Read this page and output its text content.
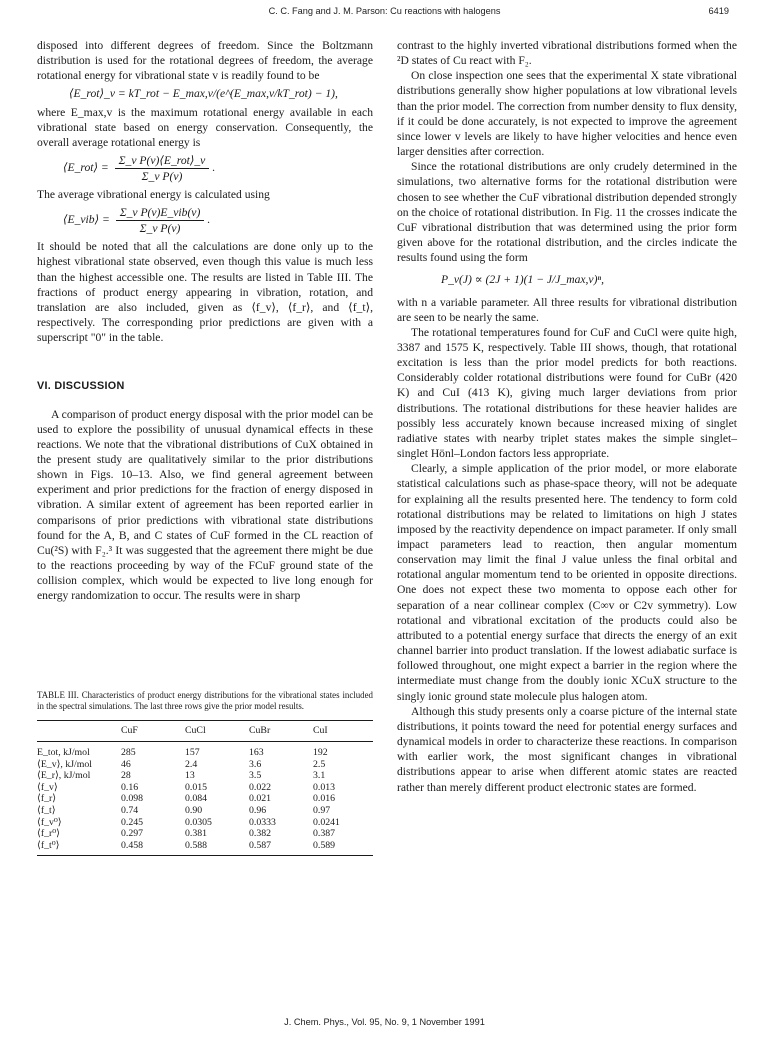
C. C. Fang and J. M. Parson: Cu reactions with halogens	6419

disposed into different degrees of freedom. Since the Boltzmann distribution is used for the rotational degrees of freedom, the average rotational energy for vibrational state v is readily found to be

⟨E_rot⟩_v = kT_rot − E_max,v/(e^(E_max,v/kT_rot) − 1),

where E_max,v is the maximum rotational energy available in each vibrational state based on energy conservation. Consequently, the overall average rotational energy is

⟨E_rot⟩ = $\frac{\text{Σ\_v P(v)⟨E\_rot⟩\_v}}{\text{Σ\_v P(v)}}$ .

The average vibrational energy is calculated using

⟨E_vib⟩ = $\frac{\text{Σ\_v P(v)E\_vib(v)}}{\text{Σ\_v P(v)}}$ .

It should be noted that all the calculations are done only up to the highest vibrational state observed, even though this value is much less than the highest accessible one. The results are listed in Table III. The fractions of product energy appearing in vibration, rotation, and translation are also included, given as ⟨f_v⟩, ⟨f_r⟩, and ⟨f_t⟩, respectively. The corresponding prior predictions are given with a superscript "0" in the table.

VI. DISCUSSION

A comparison of product energy disposal with the prior model can be used to explore the possibility of unusual dynamical effects in these reactions. We note that the vibrational distributions of CuX obtained in the present study are qualitatively similar to the prior distributions shown in Figs. 10–13. Also, we find general agreement between experiment and prior predictions for the fraction of energy disposed in vibration. A similar extent of agreement has been reported earlier in comparisons of prior predictions with vibrational state distributions found for the A, B, and C states of CuF formed in the CL reaction of Cu(²S) with F₂.³ It was suggested that the agreement there might be due to the reactions proceeding by way of the FCuF ground state of the collision complex, which would be expected to live long enough for energy randomization to occur. The results were in sharp

TABLE III. Characteristics of product energy distributions for the vibrational states included in the spectral simulations. The last three rows give the prior model results.
	CuF	CuCl	CuBr	CuI
E_tot, kJ/mol	285	157	163	192
⟨E_v⟩, kJ/mol	46	2.4	3.6	2.5
⟨E_r⟩, kJ/mol	28	13	3.5	3.1
⟨f_v⟩	0.16	0.015	0.022	0.013
⟨f_r⟩	0.098	0.084	0.021	0.016
⟨f_t⟩	0.74	0.90	0.96	0.97
⟨f_v⁰⟩	0.245	0.0305	0.0333	0.0241
⟨f_r⁰⟩	0.297	0.381	0.382	0.387
⟨f_t⁰⟩	0.458	0.588	0.587	0.589

contrast to the highly inverted vibrational distributions formed when the ²D states of Cu react with F₂.

On close inspection one sees that the experimental X state vibrational distributions generally show higher populations at low vibrational levels than the prior model. The correction from number density to flux density, if it could be done accurately, is not expected to improve the agreement since lower v levels are likely to have higher velocities and hence even larger densities after correction.

Since the rotational distributions are only crudely determined in the simulations, two alternative forms for the rotational distribution were chosen to see whether the CuF vibrational distribution depended strongly on the choice of rotational distribution. In Fig. 11 the crosses indicate the CuF vibrational distribution that was determined using the prior form given above for the rotational distribution, and the circles indicate the results found using the form

P_v(J) ∝ (2J + 1)(1 − J/J_max,v)ⁿ,

with n a variable parameter. All three results for vibrational distribution are seen to be nearly the same.

The rotational temperatures found for CuF and CuCl were quite high, 3387 and 1575 K, respectively. Table III shows, though, that rotational excitation is less than the prior model predicts for both reactions. Considerably colder rotational distributions were found for CuBr (420 K) and CuI (413 K), giving much larger deviations from prior distributions. The rotational distributions for these heavier halides are possibly less accurately known because increased mixing of singlet radiative states with nearby triplet states makes the simple singlet–singlet Hönl–London factors less appropriate.

Clearly, a simple application of the prior model, or more elaborate statistical calculations such as phase-space theory, will not be adequate for explaining all the results presented here. The tendency to form cold rotational distributions may be related to limitations on high J states imposed by the reactivity dependence on impact parameter. If only small impact parameters lead to reaction, then angular momentum conservation may limit the final J value unless the final orbital and rotational angular momentum tend to be oriented in opposite directions. One does not expect these two momenta to oppose each other for separation of a near collinear complex (C∞v or C2v symmetry). Low rotational and vibrational excitation of the products could also be attributed to a potential energy surface that directs the energy of an exit channel barrier into product translation. If the lowest adiabatic surface is followed throughout, one might expect a barrier in the region where the intermediate must change from the doubly ionic XCuX structure to the singly ionic ground state molecule plus halogen atom.

Although this study presents only a coarse picture of the internal state distributions, it points toward the need for potential energy surfaces and dynamical models in order to characterize these reactions. In comparison with earlier work, the most significant changes in vibrational distributions appear to arise when different atomic states are reacted rather than merely different product electronic states are formed.

J. Chem. Phys., Vol. 95, No. 9, 1 November 1991
